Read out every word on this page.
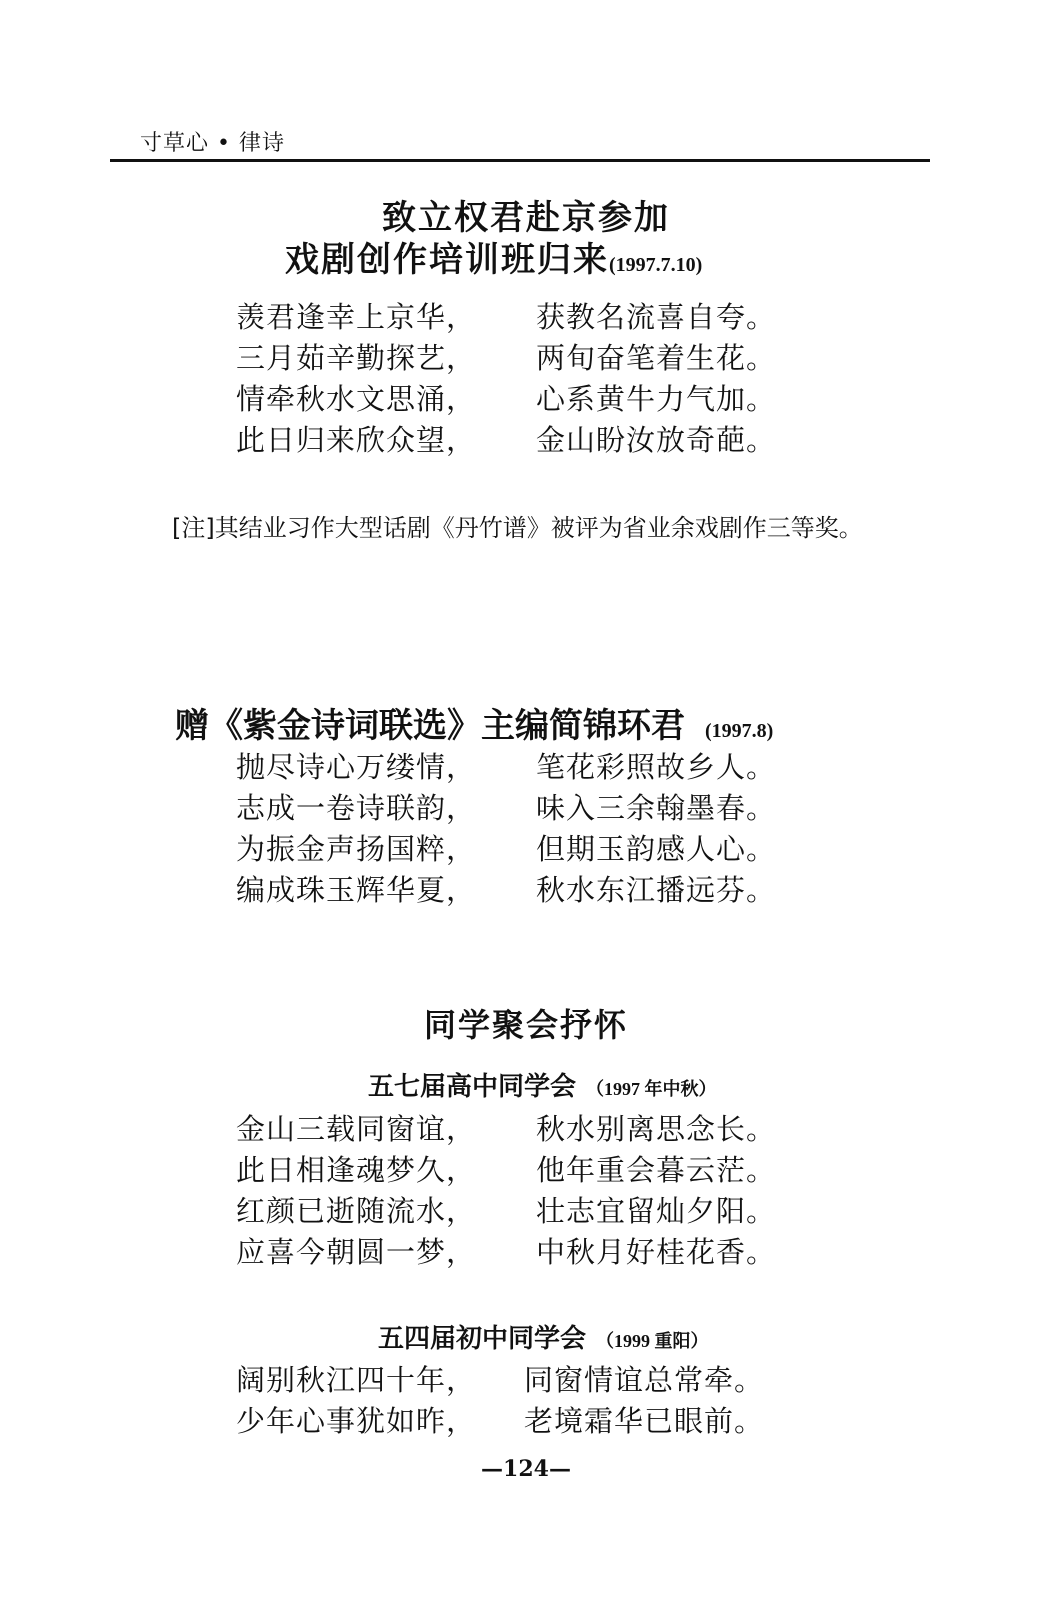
寸草心 • 律诗
致立权君赴京参加
戏剧创作培训班归来(1997.7.10)
羡君逢幸上京华， 获教名流喜自夸。
三月茹辛勤探艺， 两旬奋笔着生花。
情牵秋水文思涌， 心系黄牛力气加。
此日归来欣众望， 金山盼汝放奇葩。
[注]其结业习作大型话剧《丹竹谱》被评为省业余戏剧作三等奖。
赠《紫金诗词联选》主编简锦环君 (1997.8)
抛尽诗心万缕情， 笔花彩照故乡人。
志成一卷诗联韵， 味入三余翰墨春。
为振金声扬国粹， 但期玉韵感人心。
编成珠玉辉华夏， 秋水东江播远芬。
同学聚会抒怀
五七届高中同学会 （1997 年中秋）
金山三载同窗谊， 秋水别离思念长。
此日相逢魂梦久， 他年重会暮云茫。
红颜已逝随流水， 壮志宜留灿夕阳。
应喜今朝圆一梦， 中秋月好桂花香。
五四届初中同学会 （1999 重阳）
阔别秋江四十年， 同窗情谊总常牵。
少年心事犹如昨， 老境霜华已眼前。
—124—
